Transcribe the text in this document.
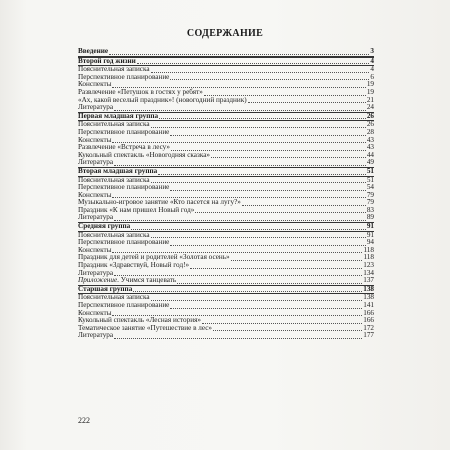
СОДЕРЖАНИЕ
Введение	3
Второй год жизни	4
Пояснительная записка	4
Перспективное планирование	6
Конспекты	19
Развлечение «Петушок в гостях у ребят»	19
«Ах, какой веселый праздник»! (новогодний праздник)	21
Литература	24
Первая младшая группа	26
Пояснительная записка	26
Перспективное планирование	28
Конспекты	43
Развлечение «Встреча в лесу»	43
Кукольный спектакль «Новогодняя сказка»	44
Литература	49
Вторая младшая группа	51
Пояснительная записка	51
Перспективное планирование	54
Конспекты	79
Музыкально-игровое занятие «Кто пасется на лугу?»	79
Праздник «К нам пришел Новый год»	83
Литература	89
Средняя группа	91
Пояснительная записка	91
Перспективное планирование	94
Конспекты	118
Праздник для детей и родителей «Золотая осень»	118
Праздник «Здравствуй, Новый год!»	123
Литература	134
Приложение. Учимся танцевать	137
Старшая группа	138
Пояснительная записка	138
Перспективное планирование	141
Конспекты	166
Кукольный спектакль «Лесная история»	166
Тематическое занятие «Путешествие в лес»	172
Литература	177
222
